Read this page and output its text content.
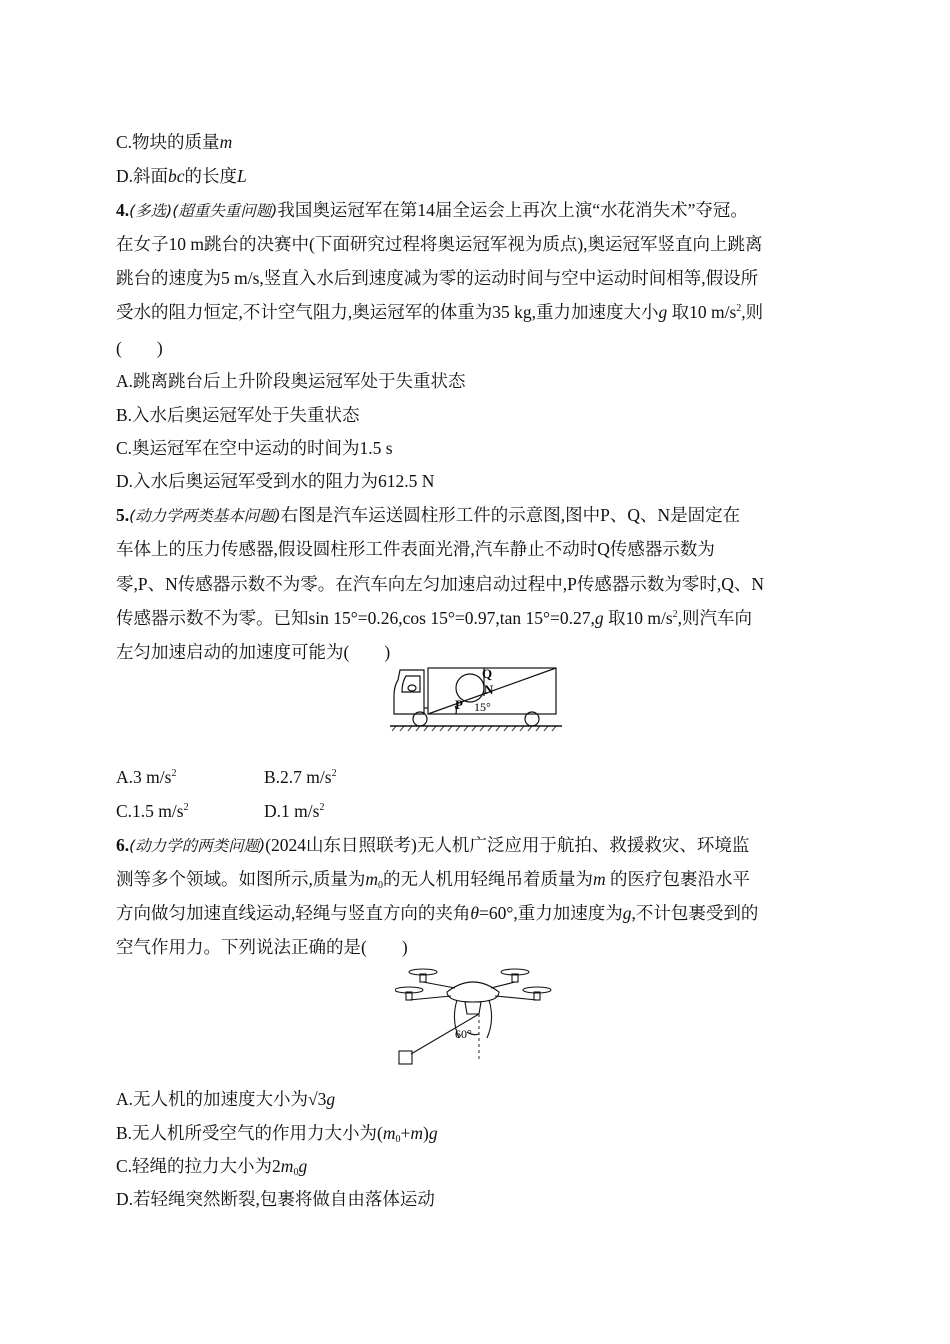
C.物块的质量m
D.斜面bc的长度L
4.(多选)(超重失重问题)我国奥运冠军在第14届全运会上再次上演“水花消失术”夺冠。
在女子10 m跳台的决赛中(下面研究过程将奥运冠军视为质点),奥运冠军竖直向上跳离
跳台的速度为5 m/s,竖直入水后到速度减为零的运动时间与空中运动时间相等,假设所
受水的阻力恒定,不计空气阻力,奥运冠军的体重为35 kg,重力加速度大小g 取10 $m/s^2$,则
(　　)
A.跳离跳台后上升阶段奥运冠军处于失重状态
B.入水后奥运冠军处于失重状态
C.奥运冠军在空中运动的时间为1.5 s
D.入水后奥运冠军受到水的阻力为612.5 N
5.(动力学两类基本问题)右图是汽车运送圆柱形工件的示意图,图中P、Q、N是固定在
车体上的压力传感器,假设圆柱形工件表面光滑,汽车静止不动时Q传感器示数为
零,P、N传感器示数不为零。在汽车向左匀加速启动过程中,P传感器示数为零时,Q、N
传感器示数不为零。已知sin 15°=0.26,cos 15°=0.97,tan 15°=0.27,g 取10 $m/s^2$,则汽车向
左匀加速启动的加速度可能为(　　)
Q
N
P 15°
A.3 $m/s^2$	B.2.7 $m/s^2$
C.1.5 $m/s^2$	D.1 $m/s^2$
6.(动力学的两类问题)(2024山东日照联考)无人机广泛应用于航拍、救援救灾、环境监
测等多个领域。如图所示,质量为$m_0$的无人机用轻绳吊着质量为m 的医疗包裹沿水平
方向做匀加速直线运动,轻绳与竖直方向的夹角θ=60°,重力加速度为g,不计包裹受到的
空气作用力。下列说法正确的是(　　)
60°
A.无人机的加速度大小为√3g
B.无人机所受空气的作用力大小为$(m_0+m)g$
C.轻绳的拉力大小为$2m_0g$
D.若轻绳突然断裂,包裹将做自由落体运动
